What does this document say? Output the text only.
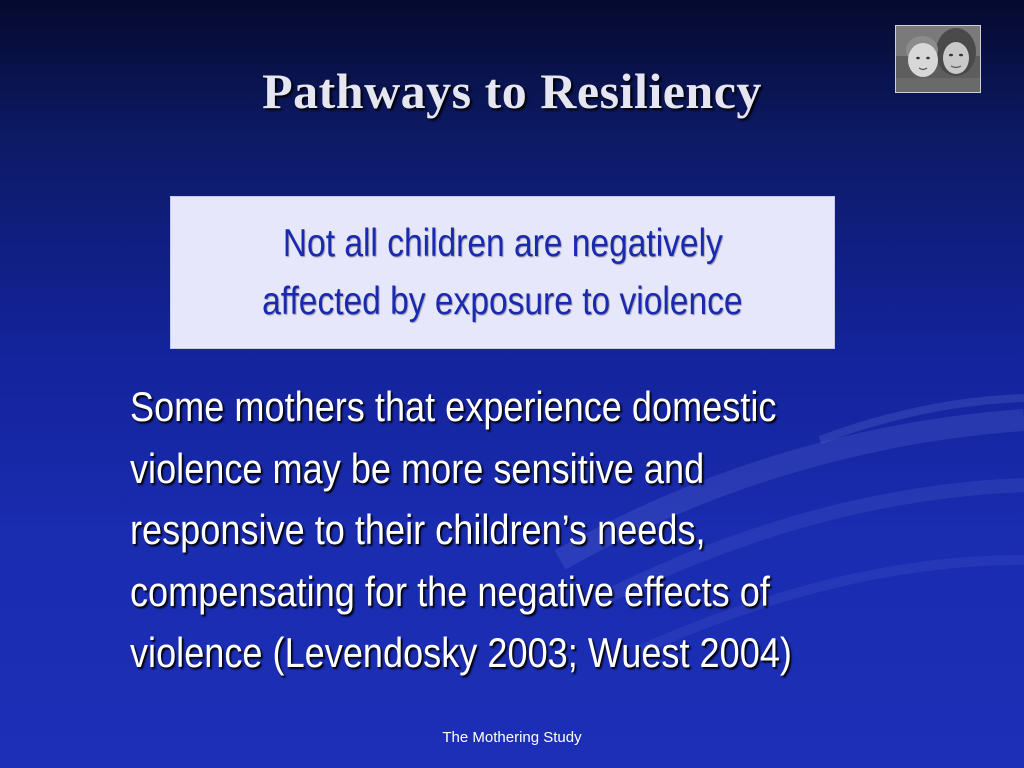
Pathways to Resiliency
Not all children are negatively
affected by exposure to violence
Some mothers that experience domestic
violence may be more sensitive and
responsive to their children’s needs,
compensating for the negative effects of
violence (Levendosky 2003; Wuest 2004)
The Mothering Study
